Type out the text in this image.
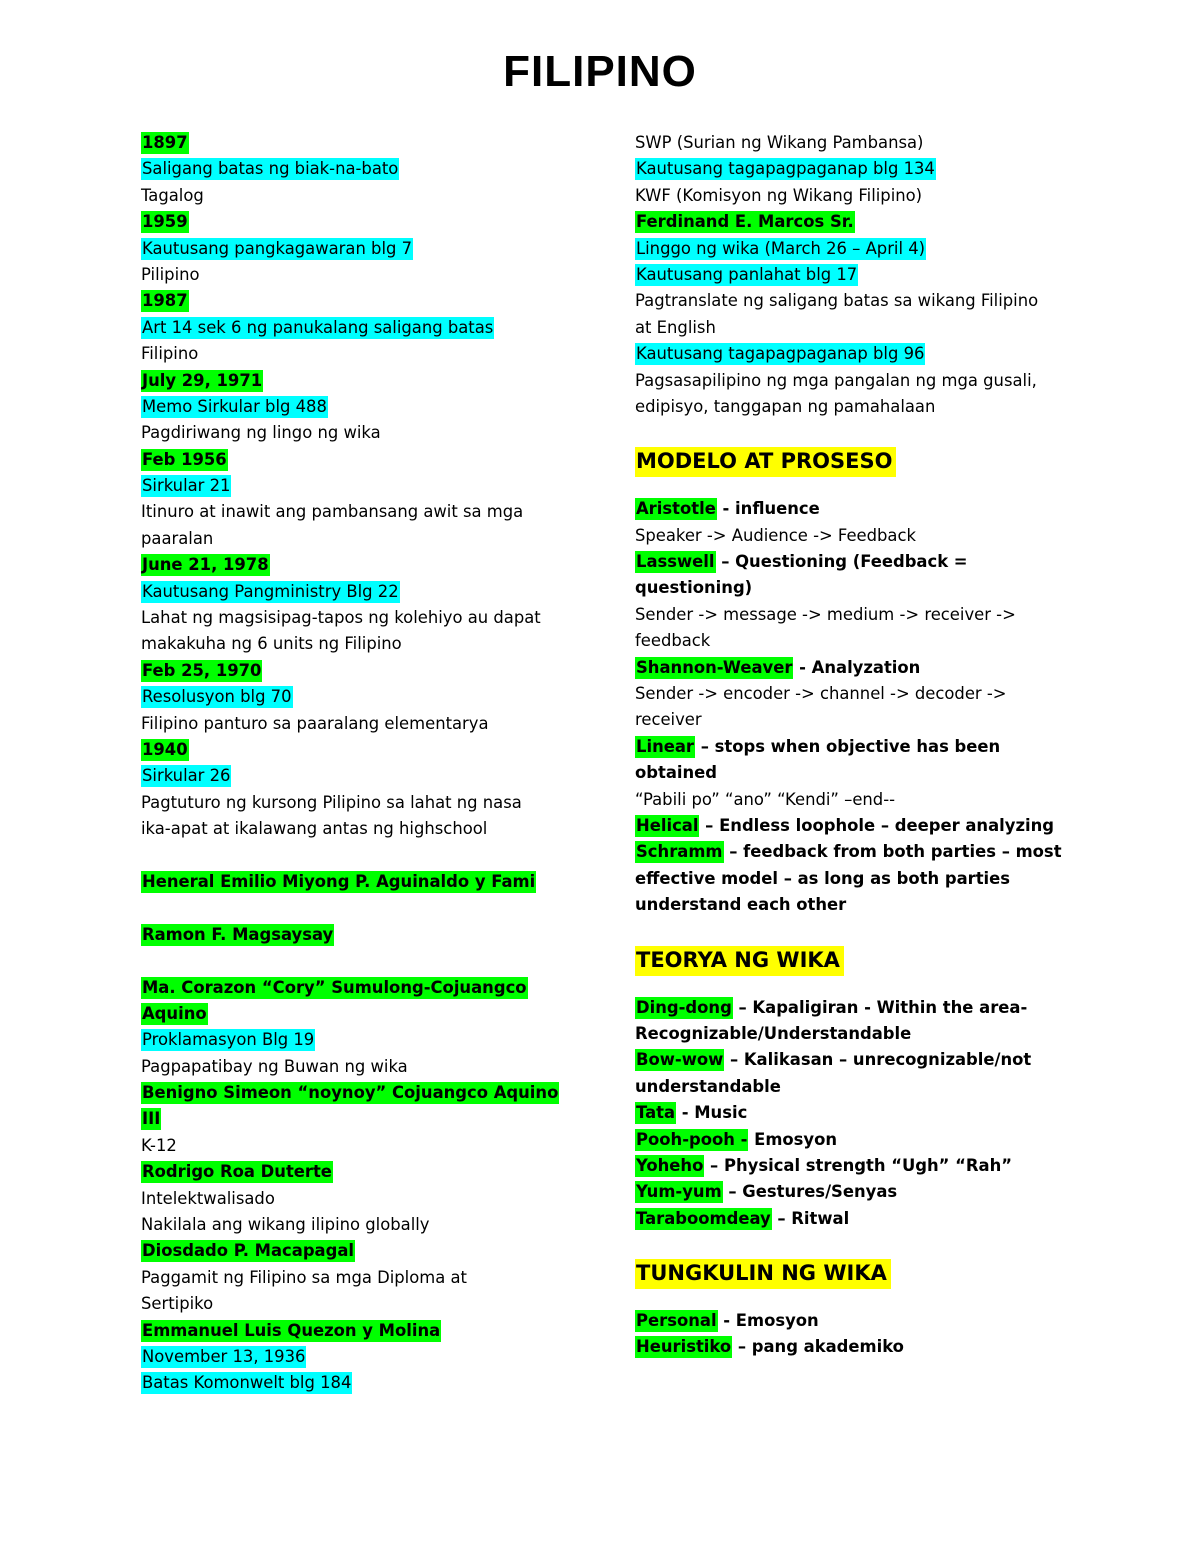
FILIPINO
1897
Saligang batas ng biak-na-bato
Tagalog
1959
Kautusang pangkagawaran blg 7
Pilipino
1987
Art 14 sek 6 ng panukalang saligang batas
Filipino
July 29, 1971
Memo Sirkular blg 488
Pagdiriwang ng lingo ng wika
Feb 1956
Sirkular 21
Itinuro at inawit ang pambansang awit sa mga
paaralan
June 21, 1978
Kautusang Pangministry Blg 22
Lahat ng magsisipag-tapos ng kolehiyo au dapat
makakuha ng 6 units ng Filipino
Feb 25, 1970
Resolusyon blg 70
Filipino panturo sa paaralang elementarya
1940
Sirkular 26
Pagtuturo ng kursong Pilipino sa lahat ng nasa
ika-apat at ikalawang antas ng highschool
Heneral Emilio Miyong P. Aguinaldo y Fami
Ramon F. Magsaysay
Ma. Corazon “Cory” Sumulong-Cojuangco
Aquino
Proklamasyon Blg 19
Pagpapatibay ng Buwan ng wika
Benigno Simeon “noynoy” Cojuangco Aquino
III
K-12
Rodrigo Roa Duterte
Intelektwalisado
Nakilala ang wikang ilipino globally
Diosdado P. Macapagal
Paggamit ng Filipino sa mga Diploma at
Sertipiko
Emmanuel Luis Quezon y Molina
November 13, 1936
Batas Komonwelt blg 184
SWP (Surian ng Wikang Pambansa)
Kautusang tagapagpaganap blg 134
KWF (Komisyon ng Wikang Filipino)
Ferdinand E. Marcos Sr.
Linggo ng wika (March 26 – April 4)
Kautusang panlahat blg 17
Pagtranslate ng saligang batas sa wikang Filipino
at English
Kautusang tagapagpaganap blg 96
Pagsasapilipino ng mga pangalan ng mga gusali,
edipisyo, tanggapan ng pamahalaan
MODELO AT PROSESO
Aristotle - influence
Speaker -> Audience -> Feedback
Lasswell – Questioning (Feedback =
questioning)
Sender -> message -> medium -> receiver ->
feedback
Shannon-Weaver - Analyzation
Sender -> encoder -> channel -> decoder ->
receiver
Linear – stops when objective has been
obtained
“Pabili po” “ano” “Kendi” –end--
Helical – Endless loophole – deeper analyzing
Schramm – feedback from both parties – most
effective model – as long as both parties
understand each other
TEORYA NG WIKA
Ding-dong – Kapaligiran - Within the area-
Recognizable/Understandable
Bow-wow – Kalikasan – unrecognizable/not
understandable
Tata - Music
Pooh-pooh - Emosyon
Yoheho – Physical strength “Ugh” “Rah”
Yum-yum – Gestures/Senyas
Taraboomdeay – Ritwal
TUNGKULIN NG WIKA
Personal - Emosyon
Heuristiko – pang akademiko
